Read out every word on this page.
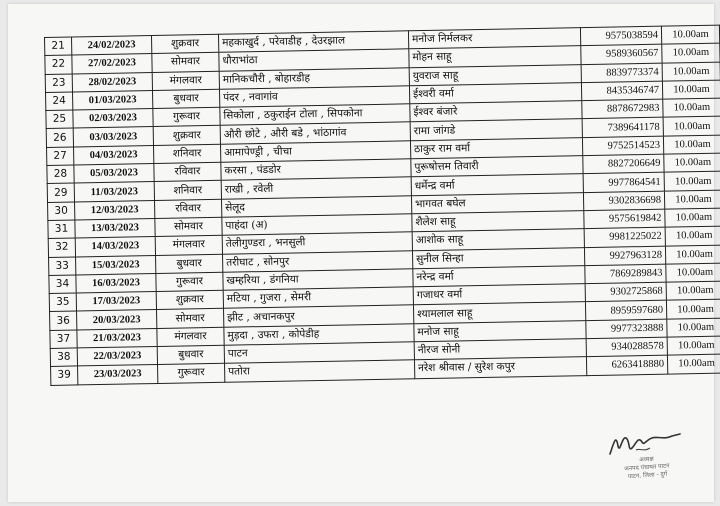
21	24/02/2023	शुक्रवार	महकाखुर्द , परेवाडीह , देउरझाल	मनोज निर्मलकर	9575038594	10.00am
22	27/02/2023	सोमवार	धौराभांठा	मोहन साहू	9589360567	10.00am
23	28/02/2023	मंगलवार	मानिकचौरी , बोहारडीह	युवराज साहू	8839773374	10.00am
24	01/03/2023	बुधवार	पंदर , नवागांव	ईश्वरी वर्मा	8435346747	10.00am
25	02/03/2023	गुरूवार	सिकोला , ठकुराईन टोला , सिपकोना	ईश्वर बंजारे	8878672983	10.00am
26	03/03/2023	शुक्रवार	औरी छोटे , औरी बडे , भांठागांव	रामा जांगडे	7389641178	10.00am
27	04/03/2023	शनिवार	आमापेण्ड्री , चीचा	ठाकुर राम वर्मा	9752514523	10.00am
28	05/03/2023	रविवार	करसा , पंडडोर	पुरूषोत्तम तिवारी	8827206649	10.00am
29	11/03/2023	शनिवार	राखी , रवेली	धर्मेन्द्र वर्मा	9977864541	10.00am
30	12/03/2023	रविवार	सेलूद	भागवत बघेल	9302836698	10.00am
31	13/03/2023	सोमवार	पाहंदा (अ)	शैलेश साहू	9575619842	10.00am
32	14/03/2023	मंगलवार	तेलीगुण्डरा , भनसुली	आशोक साहू	9981225022	10.00am
33	15/03/2023	बुधवार	तरीघाट , सोनपुर	सुनील सिन्हा	9927963128	10.00am
34	16/03/2023	गुरूवार	खम्हरिया , डंगनिया	नरेन्द्र वर्मा	7869289843	10.00am
35	17/03/2023	शुक्रवार	मटिया , गुजरा , सेमरी	गजाधर वर्मा	9302725868	10.00am
36	20/03/2023	सोमवार	झीट , अचानकपुर	श्यामलाल साहू	8959597680	10.00am
37	21/03/2023	मंगलवार	मुड़दा , उफरा , कोपेडीह	मनोज साहू	9977323888	10.00am
38	22/03/2023	बुधवार	पाटन	नीरज सोनी	9340288578	10.00am
39	23/03/2023	गुरूवार	पतोरा	नरेश श्रीवास / सुरेश कपुर	6263418880	10.00am
अध्यक्ष
जनपद पंचायत पाटन
पाटन, जिला - दुर्ग
